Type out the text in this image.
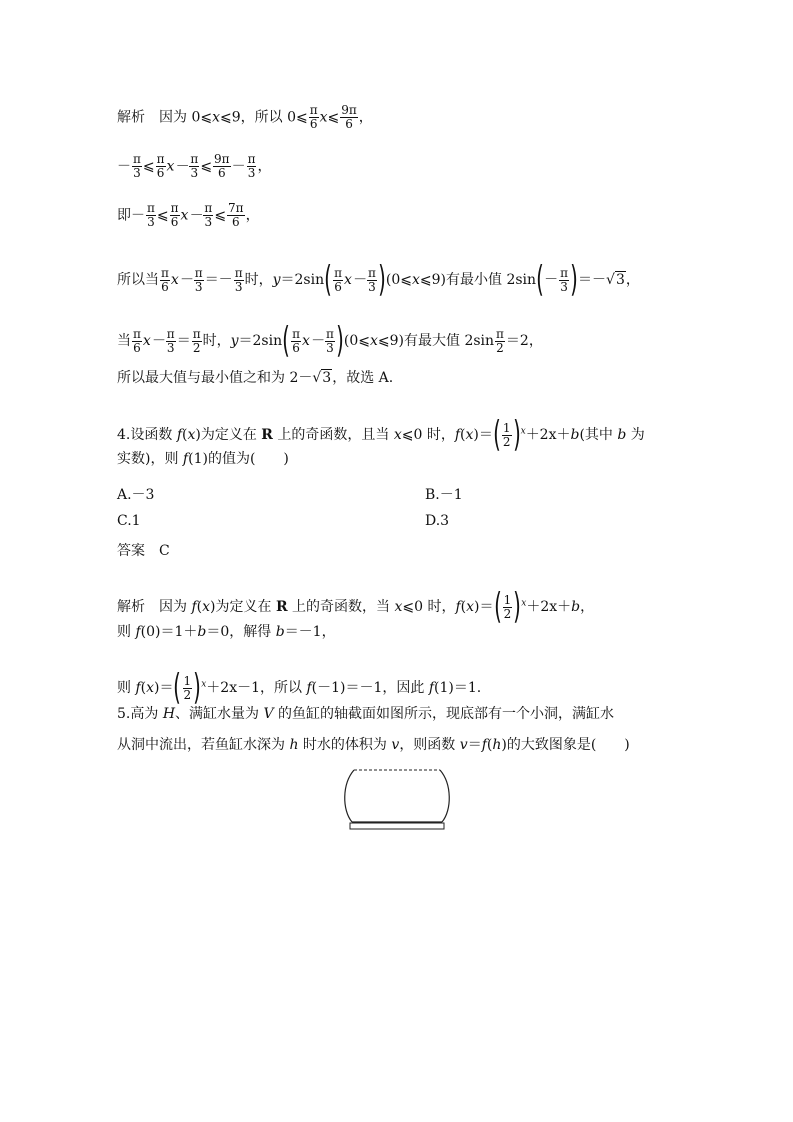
解析　因为 0⩽x⩽9，所以 0⩽ $\frac{\pi}{6}$ x⩽ $\frac{9\pi}{6}$ ，
－ $\frac{\pi}{3}$ ⩽ $\frac{\pi}{6} x- \frac{\pi}{3}$ ⩽ $\frac{9\pi}{6} - \frac{\pi}{3}$ ，
即－ $\frac{\pi}{3}$ ⩽ $\frac{\pi}{6} x- \frac{\pi}{3}$ ⩽ $\frac{7\pi}{6}$ ，
所以当 $\frac{\pi}{6} x- \frac{\pi}{3} =- \frac{\pi}{3}$ 时，$y=2\sin( \frac{\pi}{6} x- \frac{\pi}{3}$ )(0⩽x⩽9)有最小值 $2\sin(- \frac{\pi}{3} )=-√3$，
当 $\frac{\pi}{6} x- \frac{\pi}{3} = \frac{\pi}{2}$ 时，$y=2\sin( \frac{\pi}{6} x- \frac{\pi}{3}$ )(0⩽x⩽9)有最大值 $2\sin \frac{\pi}{2} =2$，
所以最大值与最小值之和为 2－√3，故选 A.
4.设函数 f(x)为定义在 R 上的奇函数，且当 x⩽0 时，$f(x)=( \frac{1}{2} )^x+2x+b$(其中 b 为
实数)，则 f(1)的值为(　　)
A.－3	B.－1
C.1	D.3
答案　C
解析　因为 f(x)为定义在 R 上的奇函数，当 x⩽0 时，$f(x)=( \frac{1}{2} )^x+2x+b$，
则 f(0)＝1＋b＝0，解得 b＝－1，
则 $f(x)=( \frac{1}{2} )^x+2x-1$，所以 f(－1)＝－1，因此 f(1)＝1.
5.高为 H、满缸水量为 V 的鱼缸的轴截面如图所示，现底部有一个小洞，满缸水
从洞中流出，若鱼缸水深为 h 时水的体积为 v，则函数 v＝f(h)的大致图象是(　　)
